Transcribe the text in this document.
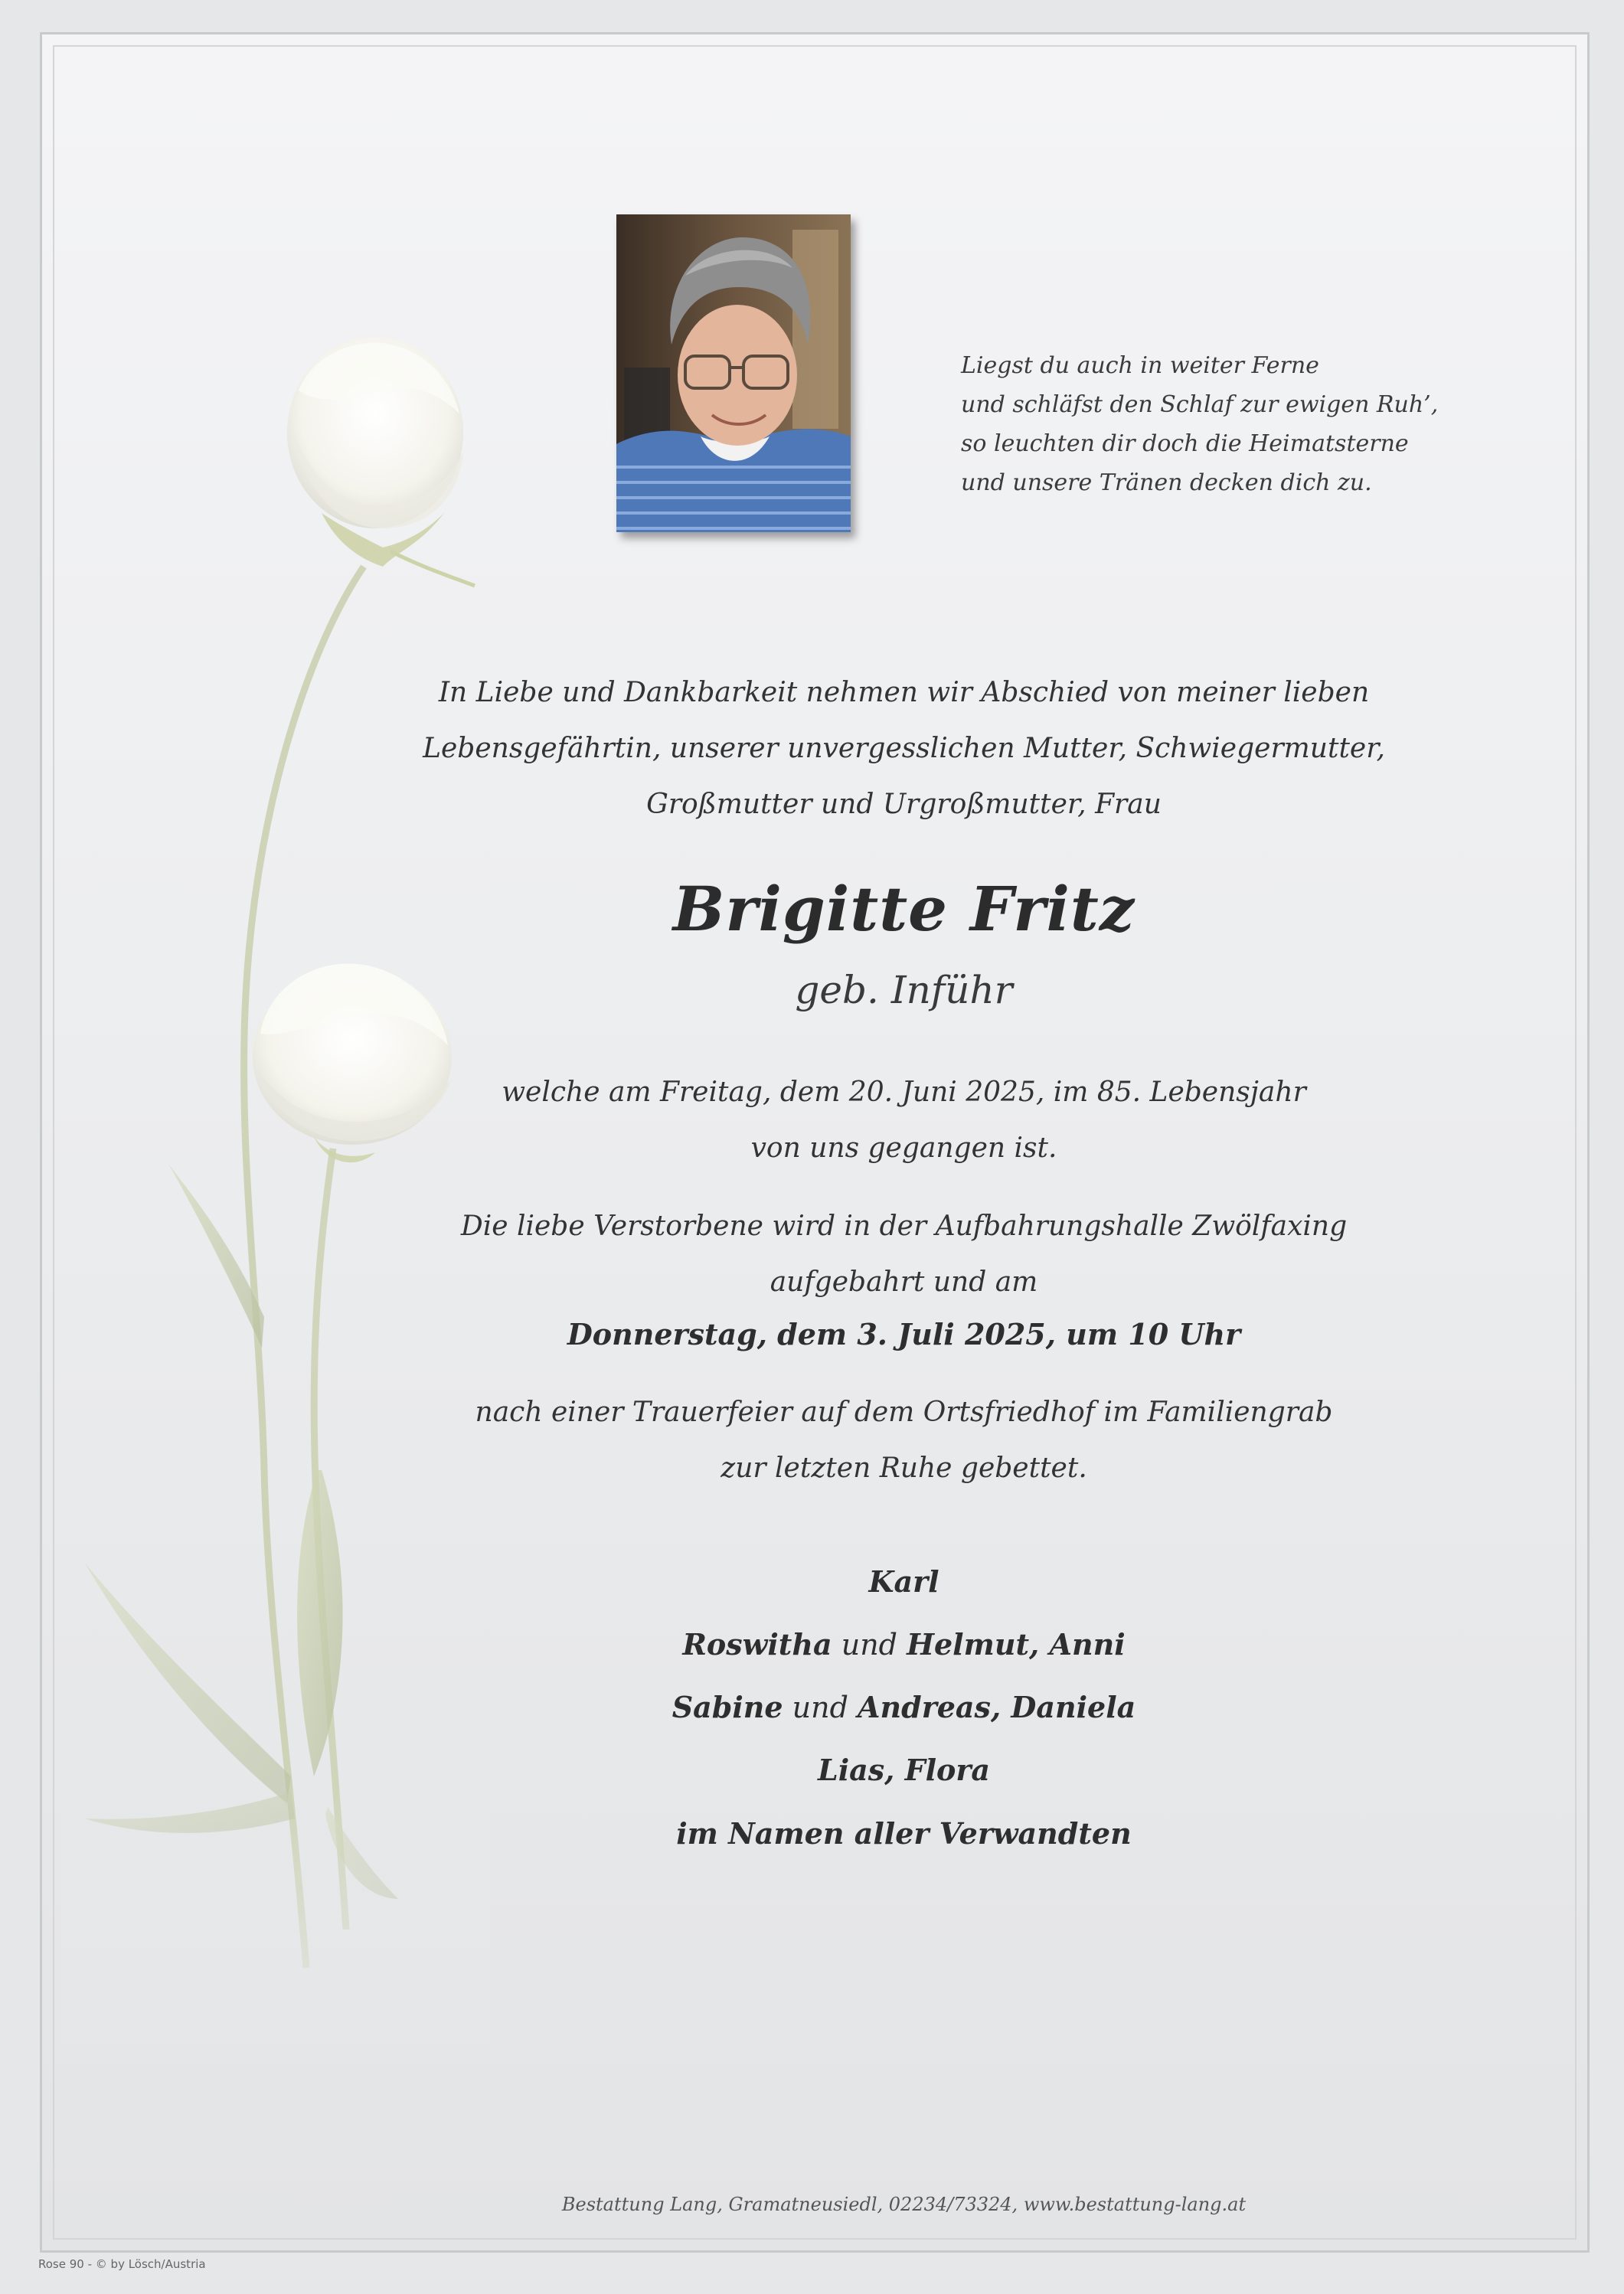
Liegst du auch in weiter Ferne
und schläfst den Schlaf zur ewigen Ruh’,
so leuchten dir doch die Heimatsterne
und unsere Tränen decken dich zu.
In Liebe und Dankbarkeit nehmen wir Abschied von meiner lieben
Lebensgefährtin, unserer unvergesslichen Mutter, Schwiegermutter,
Großmutter und Urgroßmutter, Frau
Brigitte Fritz
geb. Inführ
welche am Freitag, dem 20. Juni 2025, im 85. Lebensjahr
von uns gegangen ist.
Die liebe Verstorbene wird in der Aufbahrungshalle Zwölfaxing
aufgebahrt und am
Donnerstag, dem 3. Juli 2025, um 10 Uhr
nach einer Trauerfeier auf dem Ortsfriedhof im Familiengrab
zur letzten Ruhe gebettet.
Karl
Roswitha und Helmut, Anni
Sabine und Andreas, Daniela
Lias, Flora
im Namen aller Verwandten
Bestattung Lang, Gramatneusiedl, 02234/73324, www.bestattung-lang.at
Rose 90 - © by Lösch/Austria
